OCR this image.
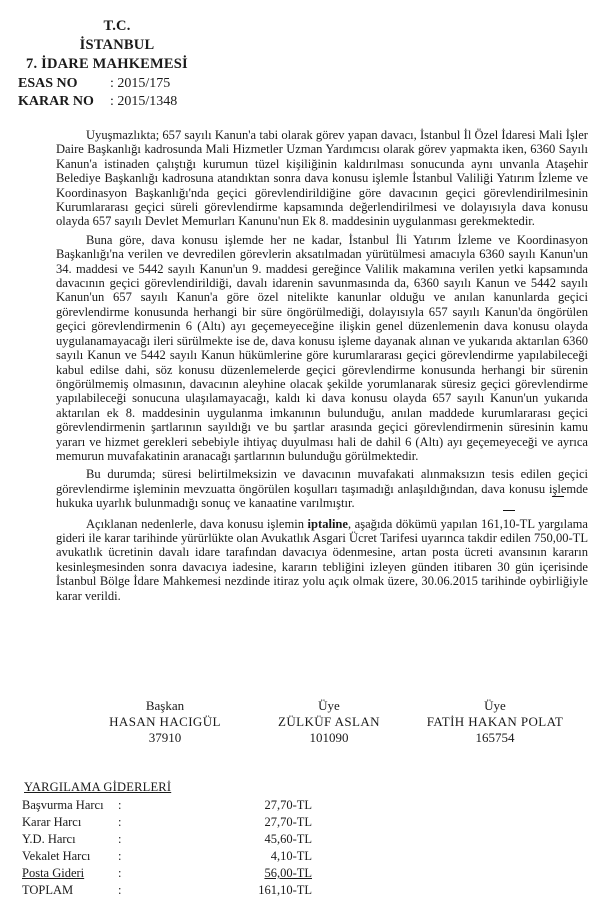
T.C.
İSTANBUL
7. İDARE MAHKEMESİ
ESAS NO : 2015/175
KARAR NO : 2015/1348

Uyuşmazlıkta; 657 sayılı Kanun'a tabi olarak görev yapan davacı, İstanbul İl Özel İdaresi Mali İşler Daire Başkanlığı kadrosunda Mali Hizmetler Uzman Yardımcısı olarak görev yapmakta iken, 6360 Sayılı Kanun'a istinaden çalıştığı kurumun tüzel kişiliğinin kaldırılması sonucunda aynı unvanla Ataşehir Belediye Başkanlığı kadrosuna atandıktan sonra dava konusu işlemle İstanbul Valiliği Yatırım İzleme ve Koordinasyon Başkanlığı'nda geçici görevlendirildiğine göre davacının geçici görevlendirilmesinin Kurumlararası geçici süreli görevlendirme kapsamında değerlendirilmesi ve dolayısıyla dava konusu olayda 657 sayılı Devlet Memurları Kanunu'nun Ek 8. maddesinin uygulanması gerekmektedir.

Buna göre, dava konusu işlemde her ne kadar, İstanbul İli Yatırım İzleme ve Koordinasyon Başkanlığı'na verilen ve devredilen görevlerin aksatılmadan yürütülmesi amacıyla 6360 sayılı Kanun'un 34. maddesi ve 5442 sayılı Kanun'un 9. maddesi gereğince Valilik makamına verilen yetki kapsamında davacının geçici görevlendirildiği, davalı idarenin savunmasında da, 6360 sayılı Kanun ve 5442 sayılı Kanun'un 657 sayılı Kanun'a göre özel nitelikte kanunlar olduğu ve anılan kanunlarda geçici görevlendirme konusunda herhangi bir süre öngörülmediği, dolayısıyla 657 sayılı Kanun'da öngörülen geçici görevlendirmenin 6 (Altı) ayı geçemeyeceğine ilişkin genel düzenlemenin dava konusu olayda uygulanamayacağı ileri sürülmekte ise de, dava konusu işleme dayanak alınan ve yukarıda aktarılan 6360 sayılı Kanun ve 5442 sayılı Kanun hükümlerine göre kurumlararası geçici görevlendirme yapılabileceği kabul edilse dahi, söz konusu düzenlemelerde geçici görevlendirme konusunda herhangi bir sürenin öngörülmemiş olmasının, davacının aleyhine olacak şekilde yorumlanarak süresiz geçici görevlendirme yapılabileceği sonucuna ulaşılamayacağı, kaldı ki dava konusu olayda 657 sayılı Kanun'un yukarıda aktarılan ek 8. maddesinin uygulanma imkanının bulunduğu, anılan maddede kurumlararası geçici görevlendirmenin şartlarının sayıldığı ve bu şartlar arasında geçici görevlendirmenin süresinin kamu yararı ve hizmet gerekleri sebebiyle ihtiyaç duyulması hali de dahil 6 (Altı) ayı geçemeyeceği ve ayrıca memurun muvafakatinin aranacağı şartlarının bulunduğu görülmektedir.

Bu durumda; süresi belirtilmeksizin ve davacının muvafakati alınmaksızın tesis edilen geçici görevlendirme işleminin mevzuatta öngörülen koşulları taşımadığı anlaşıldığından, dava konusu işlemde hukuka uyarlık bulunmadığı sonuç ve kanaatine varılmıştır.

Açıklanan nedenlerle, dava konusu işlemin iptaline, aşağıda dökümü yapılan 161,10-TL yargılama gideri ile karar tarihinde yürürlükte olan Avukatlık Asgari Ücret Tarifesi uyarınca takdir edilen 750,00-TL avukatlık ücretinin davalı idare tarafından davacıya ödenmesine, artan posta ücreti avansının kararın kesinleşmesinden sonra davacıya iadesine, kararın tebliğini izleyen günden itibaren 30 gün içerisinde İstanbul Bölge İdare Mahkemesi nezdinde itiraz yolu açık olmak üzere, 30.06.2015 tarihinde oybirliğiyle karar verildi.

Başkan
HASAN HACIGÜL
37910
Üye
ZÜLKÜF ASLAN
101090
Üye
FATİH HAKAN POLAT
165754
YARGILAMA GİDERLERİ
Başvurma Harcı :	27,70-TL
Karar Harcı	:	27,70-TL
Y.D. Harcı	:	45,60-TL
Vekalet Harcı :	4,10-TL
Posta Gideri	:	56,00-TL
TOPLAM	:	161,10-TL
